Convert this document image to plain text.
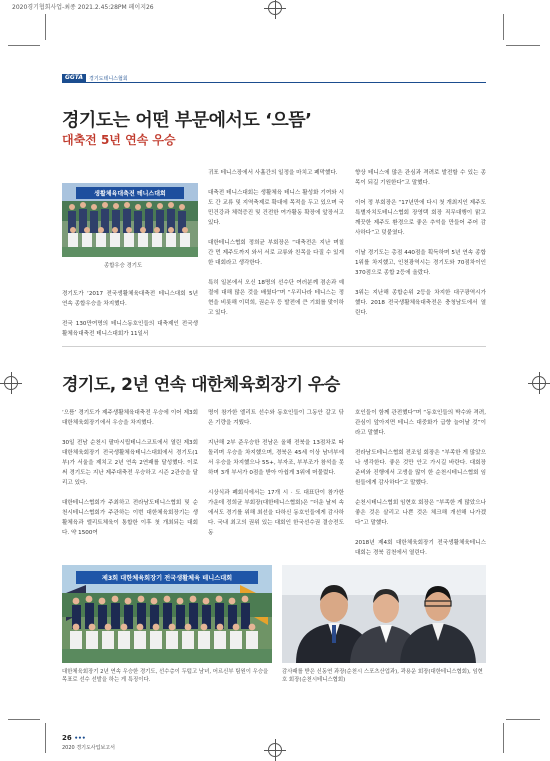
2020경기협회사업-최종 2021.2.45:28PM 페이지26
GGTA	경기도테니스협회
경기도는 어떤 부문에서도 ‘으뜸’
대축전 5년 연속 우승
생활체육대축전 테니스대회
종합우승 경기도

경기도가 ‘2017 전국생활체육대축전 테니스대회 5년 연속 종합우승을 차지했다.

전국 130만여명의 테니스동호인들의 대축제인 전국생활체육대축전 테니스대회가 11일서

귀포 테니스장에서 사흘간의 일정을 마치고 폐막했다.

대축전 테니스대회는 생활체육 테니스 활성화 기여와 시도 간 교류 및 지역축제로 확대에 목적을 두고 있으며 국민건강과 체력증진 및 건전한 여가활동 확장에 앞장서고 있다.

대한테니스협회 정희균 부회장은 “대축전은 지난 며칠간 먼 제주도까지 와서 서로 교류와 친목을 다질 수 있게 한 대회라고 생각한다.

특히 일본에서 오신 18명의 선수단 여러분께 겸손과 예절에 대해 많은 것을 배웠다”며 “우리나라 테니스는 정현을 비롯해 이덕희, 권순우 등 발전에 큰 기회를 맞이하고 있다.

향상 테니스에 많은 관심과 격려로 발전할 수 있는 종목이 되길 기원한다”고 말했다.

이어 정 부회장은 “17년만에 다시 첫 개최지인 제주도특별자치도테니스협회 장영택 회장 직무대행이 맑고 깨끗한 제주도 환경으로 좋은 추억을 만들어 주어 감사하다”고 덧붙였다.

이날 경기도는 총점 440점을 획득하며 5년 연속 종합 1위를 차지했고, 인천광역시는 경기도와 70점차이인 370점으로 종합 2등에 올랐다.

3위는 지난해 종합순위 2등을 차지한 대구광역시가 했다. 2018 전국생활체육대축전은 충청남도에서 열린다.

경기도, 2년 연속 대한체육회장기 우승

‘으뜸’ 경기도가 제주생활체육대축전 우승에 이어 제3회 대한체육회장기에서 우승을 차지했다.

30일 전남 순천시 팔마시립테니스코트에서 열린 제3회 대한체육회장기 전국생활체육테니스대회에서 경기도(1부)가 서울을 제치고 2년 연속 2연패를 달성했다. 이로써 경기도는 지난 제주대축전 우승하고 시즌 2관승을 달리고 있다.

대한테니스협회가 주최하고 전라남도테니스협회 및 순천시테니스협회가 주관하는 이번 대한체육회장기는 생활체육과 엘리트체육이 통합한 이후 첫 개최되는 대회다. 약 1500여

명이 참가한 엘리트 선수와 동호인들이 그동안 갈고 닦은 기량을 겨뤘다.

지난해 2부 준우승한 전남은 올해 전북을 13점차로 따돌리며 우승을 차지했으며, 경북은 45세 이상 남녀부에서 우승을 차지했으나 55+, 부자조, 부부조가 참석을 못하며 3개 부서가 0점을 받아 아쉽게 3위에 머물렀다.

시상식과 폐회식에서는 17개 시 · 도 대표단이 참가한 가운데 정희균 부회장(대한테니스협회)은 “더운 날씨 속에서도 경기를 위해 최선을 다하신 동호인들에게 감사하다. 국내 최고의 권위 있는 대회인 한국선수권 결승전도 동

호인들이 함께 관전했다”며 “동호인들의 박수와 격려, 관심이 앞아지면 테니스 대중화가 급향 늘어날 것”이라고 말했다.

전라남도테니스협회 전조일 회장은 “부족한 게 많았으나 생각한다. 좋은 것만 안고 가시길 바란다. 대회장 준비와 진행에서 고생을 많이 한 순천시테니스협회 임원들에게 감사하다”고 말했다.

순천시테니스협회 임현호 회장은 “부족한 게 많았으나 좋은 것은 살리고 나쁜 것은 체크해 개선해 나가겠다”고 말했다.

2018년 제4회 대한체육회장기 전국생활체육테니스대회는 경북 김천에서 열린다.

제3회 대한체육회장기 전국생활체육 테니스대회
대한체육회장기 2년 연속 우승한 경기도, 선수층이 두텁고 남녀, 어르신부 팀원이 우승을 목표로 선수 선발을 하는 게 특징이다.
감사패를 받은 신동연 과장(순천시 스포츠산업과), 곽용운 회장(대한테니스협회), 임현호 회장(순천시테니스협회)
26 •••
2020 경기도사업보고서
